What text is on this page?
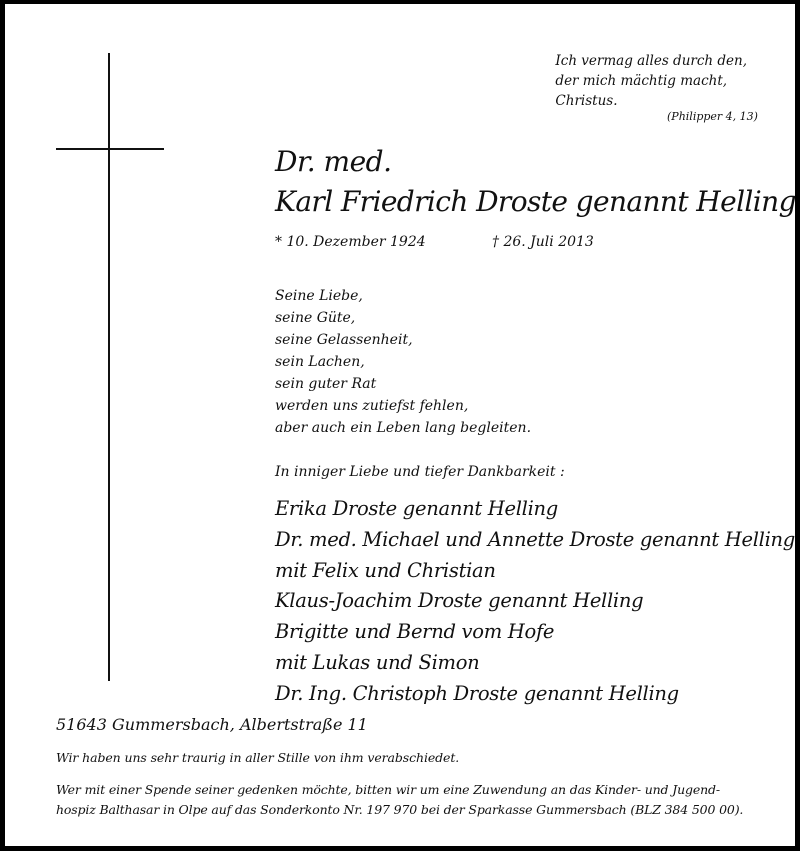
Ich vermag alles durch den,
der mich mächtig macht,
Christus.
(Philipper 4, 13)
Dr. med.
Karl Friedrich Droste genannt Helling
* 10. Dezember 1924	† 26. Juli 2013
Seine Liebe,
seine Güte,
seine Gelassenheit,
sein Lachen,
sein guter Rat
werden uns zutiefst fehlen,
aber auch ein Leben lang begleiten.
In inniger Liebe und tiefer Dankbarkeit :
Erika Droste genannt Helling
Dr. med. Michael und Annette Droste genannt Helling
mit Felix und Christian
Klaus-Joachim Droste genannt Helling
Brigitte und Bernd vom Hofe
mit Lukas und Simon
Dr. Ing. Christoph Droste genannt Helling
51643 Gummersbach, Albertstraße 11
Wir haben uns sehr traurig in aller Stille von ihm verabschiedet.
Wer mit einer Spende seiner gedenken möchte, bitten wir um eine Zuwendung an das Kinder- und Jugend-
hospiz Balthasar in Olpe auf das Sonderkonto Nr. 197 970 bei der Sparkasse Gummersbach (BLZ 384 500 00).
